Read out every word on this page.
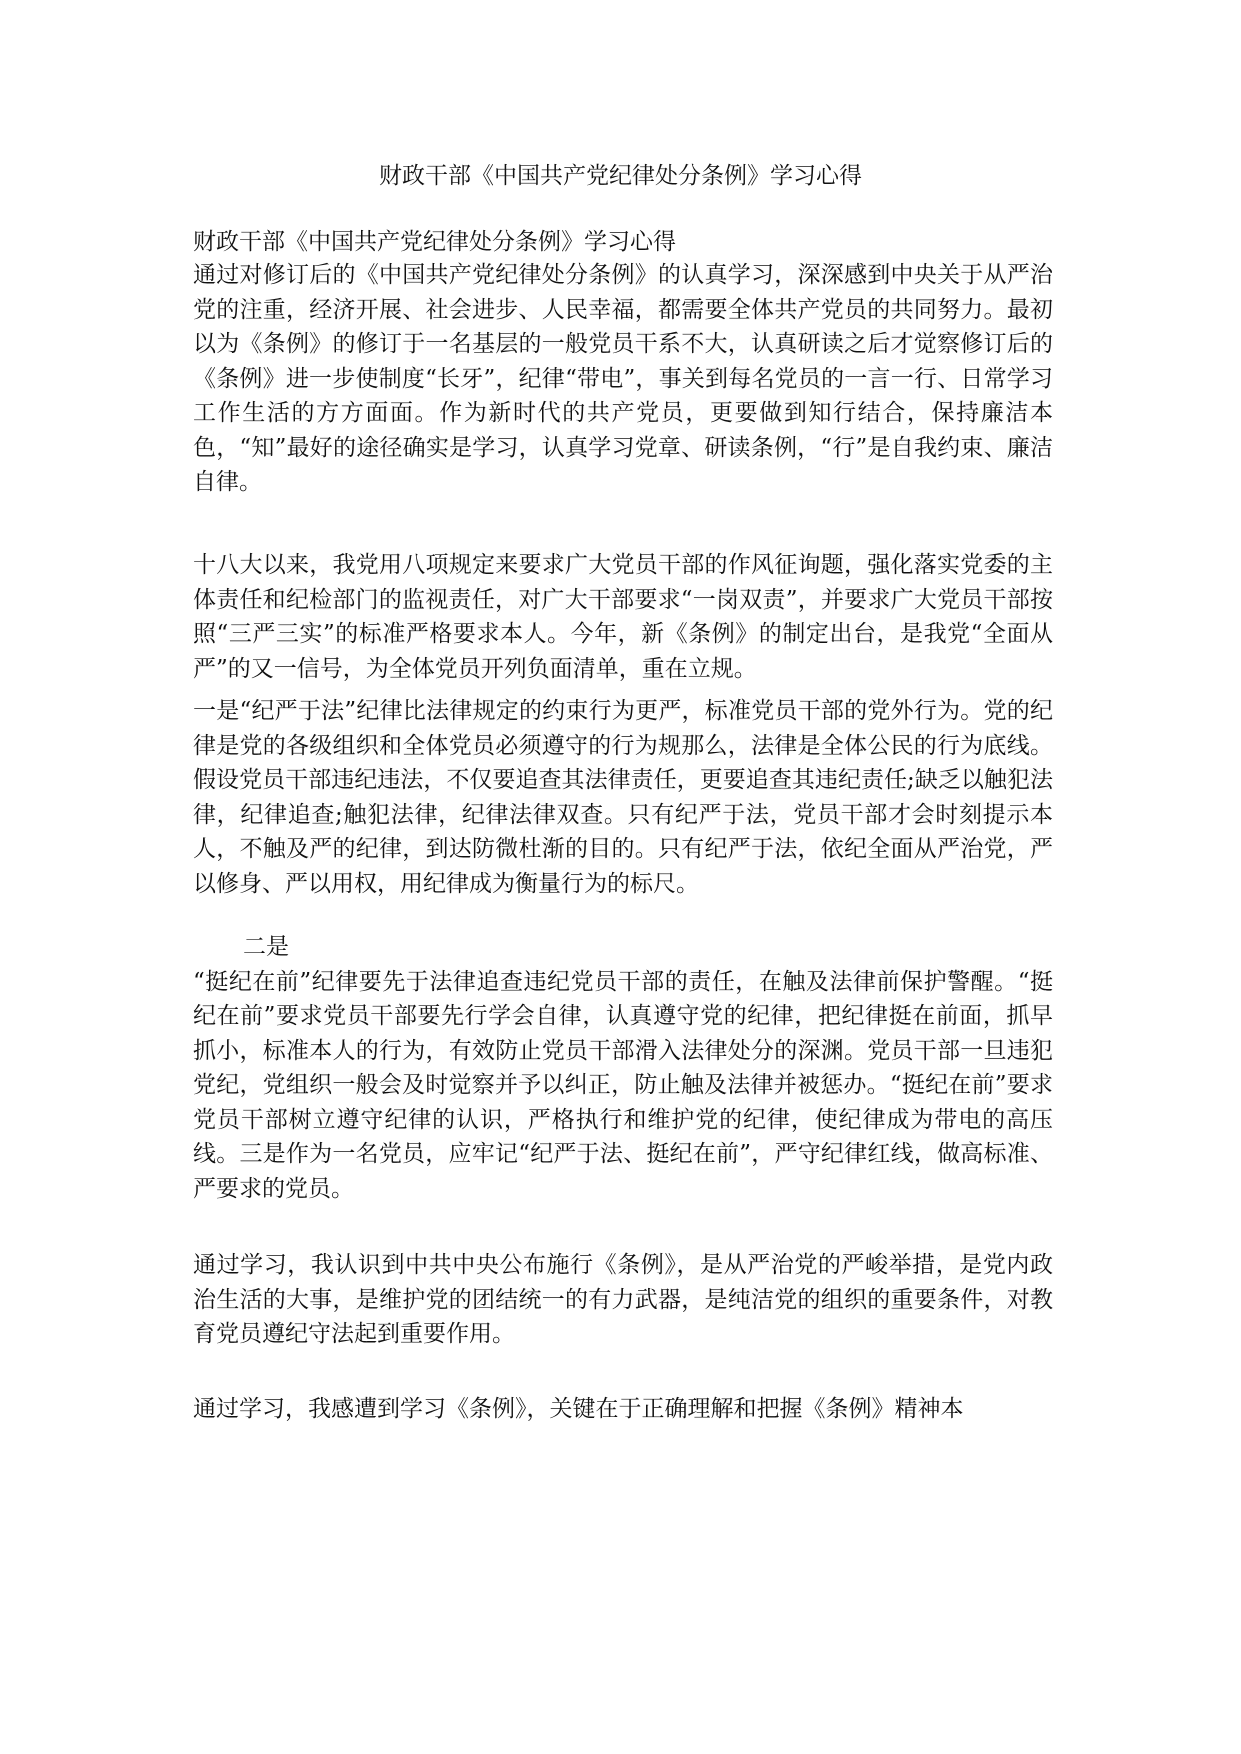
财政干部《中国共产党纪律处分条例》学习心得

财政干部《中国共产党纪律处分条例》学习心得

通过对修订后的《中国共产党纪律处分条例》的认真学习，深深感到中央关于从严治党的注重，经济开展、社会进步、人民幸福，都需要全体共产党员的共同努力。最初以为《条例》的修订于一名基层的一般党员干系不大，认真研读之后才觉察修订后的《条例》进一步使制度“长牙”，纪律“带电”，事关到每名党员的一言一行、日常学习工作生活的方方面面。作为新时代的共产党员，更要做到知行结合，保持廉洁本色，“知”最好的途径确实是学习，认真学习党章、研读条例，“行”是自我约束、廉洁自律。

十八大以来，我党用八项规定来要求广大党员干部的作风征询题，强化落实党委的主体责任和纪检部门的监视责任，对广大干部要求“一岗双责”，并要求广大党员干部按照“三严三实”的标准严格要求本人。今年，新《条例》的制定出台，是我党“全面从严”的又一信号，为全体党员开列负面清单，重在立规。

一是“纪严于法”纪律比法律规定的约束行为更严，标准党员干部的党外行为。党的纪律是党的各级组织和全体党员必须遵守的行为规那么，法律是全体公民的行为底线。假设党员干部违纪违法，不仅要追查其法律责任，更要追查其违纪责任;缺乏以触犯法律，纪律追查;触犯法律，纪律法律双查。只有纪严于法，党员干部才会时刻提示本人，不触及严的纪律，到达防微杜渐的目的。只有纪严于法，依纪全面从严治党，严以修身、严以用权，用纪律成为衡量行为的标尺。

二是
“挺纪在前”纪律要先于法律追查违纪党员干部的责任，在触及法律前保护警醒。“挺纪在前”要求党员干部要先行学会自律，认真遵守党的纪律，把纪律挺在前面，抓早抓小，标准本人的行为，有效防止党员干部滑入法律处分的深渊。党员干部一旦违犯党纪，党组织一般会及时觉察并予以纠正，防止触及法律并被惩办。“挺纪在前”要求党员干部树立遵守纪律的认识，严格执行和维护党的纪律，使纪律成为带电的高压线。三是作为一名党员，应牢记“纪严于法、挺纪在前”，严守纪律红线，做高标准、严要求的党员。

通过学习，我认识到中共中央公布施行《条例》，是从严治党的严峻举措，是党内政治生活的大事，是维护党的团结统一的有力武器，是纯洁党的组织的重要条件，对教育党员遵纪守法起到重要作用。

通过学习，我感遭到学习《条例》，关键在于正确理解和把握《条例》精神本
